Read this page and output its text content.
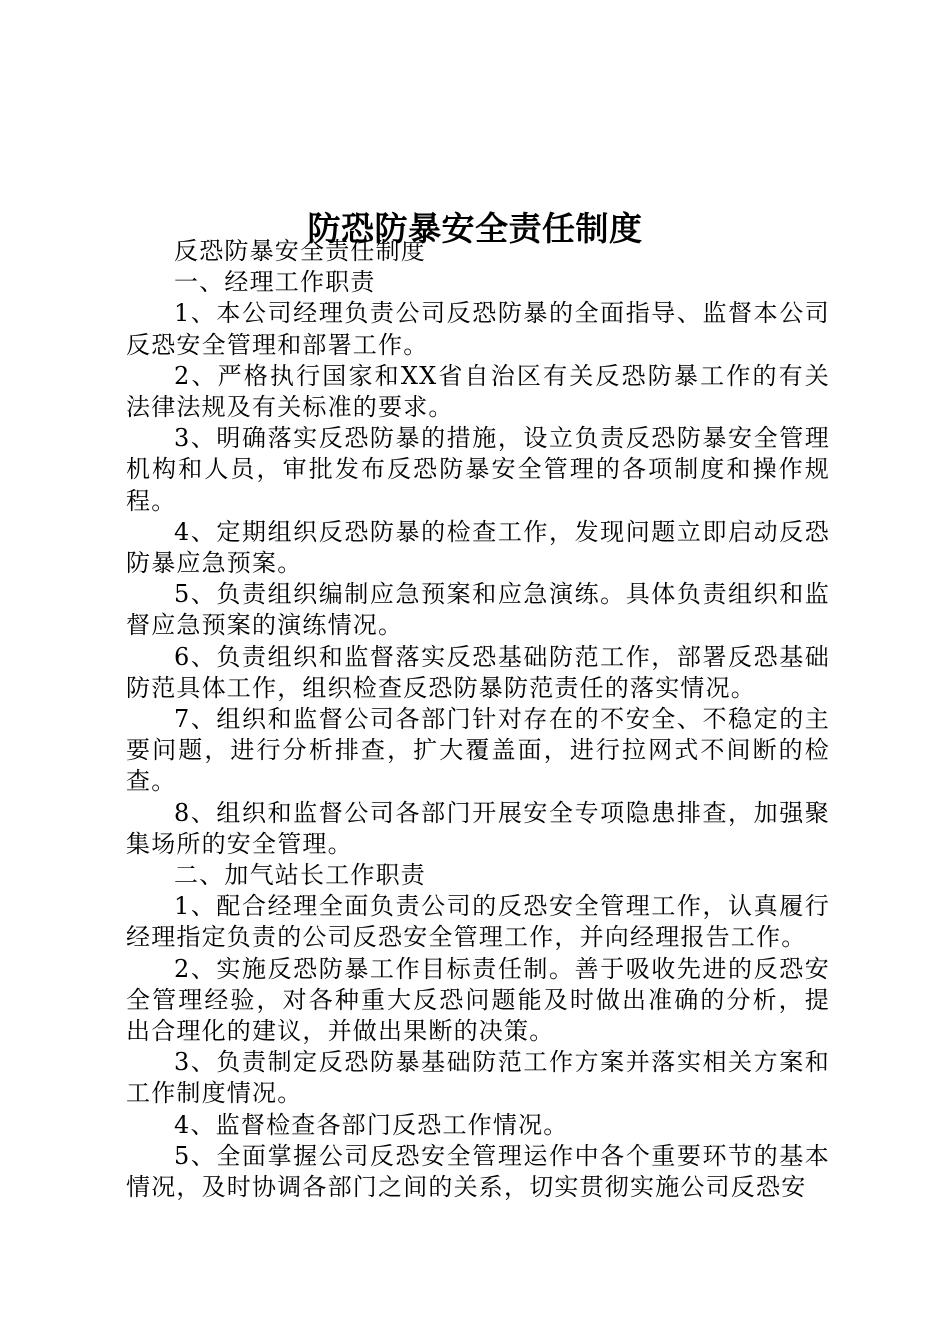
防恐防暴安全责任制度

反恐防暴安全责任制度

一、经理工作职责

1、本公司经理负责公司反恐防暴的全面指导、监督本公司反恐安全管理和部署工作。

2、严格执行国家和XX省自治区有关反恐防暴工作的有关法律法规及有关标准的要求。

3、明确落实反恐防暴的措施，设立负责反恐防暴安全管理机构和人员，审批发布反恐防暴安全管理的各项制度和操作规程。

4、定期组织反恐防暴的检查工作，发现问题立即启动反恐防暴应急预案。

5、负责组织编制应急预案和应急演练。具体负责组织和监督应急预案的演练情况。

6、负责组织和监督落实反恐基础防范工作，部署反恐基础防范具体工作，组织检查反恐防暴防范责任的落实情况。

7、组织和监督公司各部门针对存在的不安全、不稳定的主要问题，进行分析排查，扩大覆盖面，进行拉网式不间断的检查。

8、组织和监督公司各部门开展安全专项隐患排查，加强聚集场所的安全管理。

二、加气站长工作职责

1、配合经理全面负责公司的反恐安全管理工作，认真履行经理指定负责的公司反恐安全管理工作，并向经理报告工作。

2、实施反恐防暴工作目标责任制。善于吸收先进的反恐安全管理经验，对各种重大反恐问题能及时做出准确的分析，提出合理化的建议，并做出果断的决策。

3、负责制定反恐防暴基础防范工作方案并落实相关方案和工作制度情况。

4、监督检查各部门反恐工作情况。

5、全面掌握公司反恐安全管理运作中各个重要环节的基本情况，及时协调各部门之间的关系，切实贯彻实施公司反恐安
